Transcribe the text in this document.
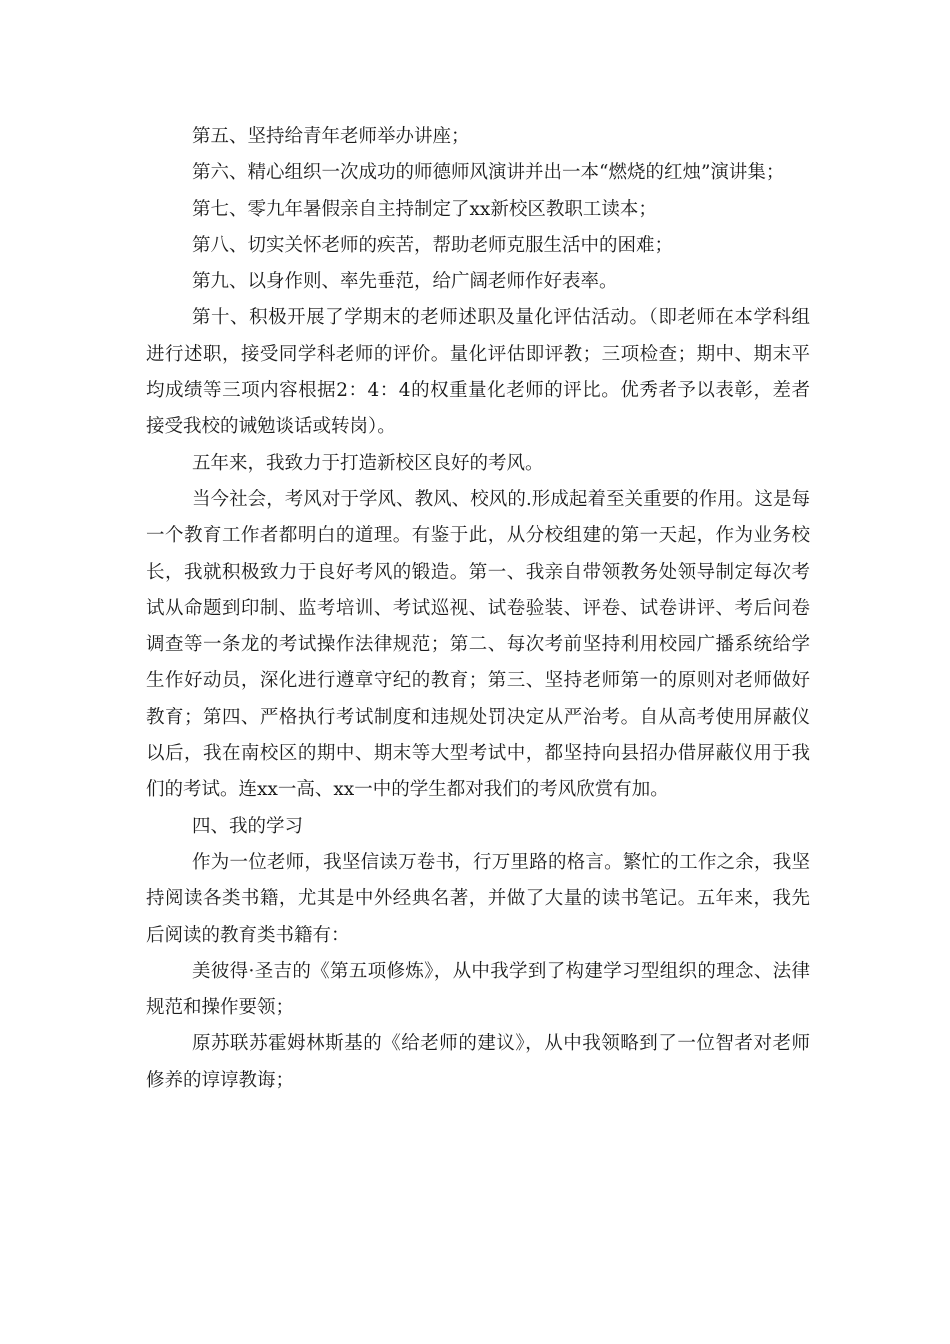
第五、坚持给青年老师举办讲座；

第六、精心组织一次成功的师德师风演讲并出一本“燃烧的红烛”演讲集；

第七、零九年暑假亲自主持制定了xx新校区教职工读本；

第八、切实关怀老师的疾苦，帮助老师克服生活中的困难；

第九、以身作则、率先垂范，给广阔老师作好表率。

第十、积极开展了学期末的老师述职及量化评估活动。（即老师在本学科组进行述职，接受同学科老师的评价。量化评估即评教；三项检查；期中、期末平均成绩等三项内容根据2：4：4的权重量化老师的评比。优秀者予以表彰，差者接受我校的诫勉谈话或转岗）。

五年来，我致力于打造新校区良好的考风。

当今社会，考风对于学风、教风、校风的.形成起着至关重要的作用。这是每一个教育工作者都明白的道理。有鉴于此，从分校组建的第一天起，作为业务校长，我就积极致力于良好考风的锻造。第一、我亲自带领教务处领导制定每次考试从命题到印制、监考培训、考试巡视、试卷验装、评卷、试卷讲评、考后问卷调查等一条龙的考试操作法律规范；第二、每次考前坚持利用校园广播系统给学生作好动员，深化进行遵章守纪的教育；第三、坚持老师第一的原则对老师做好教育；第四、严格执行考试制度和违规处罚决定从严治考。自从高考使用屏蔽仪以后，我在南校区的期中、期末等大型考试中，都坚持向县招办借屏蔽仪用于我们的考试。连xx一高、xx一中的学生都对我们的考风欣赏有加。

四、我的学习

作为一位老师，我坚信读万卷书，行万里路的格言。繁忙的工作之余，我坚持阅读各类书籍，尤其是中外经典名著，并做了大量的读书笔记。五年来，我先后阅读的教育类书籍有：

美彼得·圣吉的《第五项修炼》，从中我学到了构建学习型组织的理念、法律规范和操作要领；

原苏联苏霍姆林斯基的《给老师的建议》，从中我领略到了一位智者对老师修养的谆谆教诲；
